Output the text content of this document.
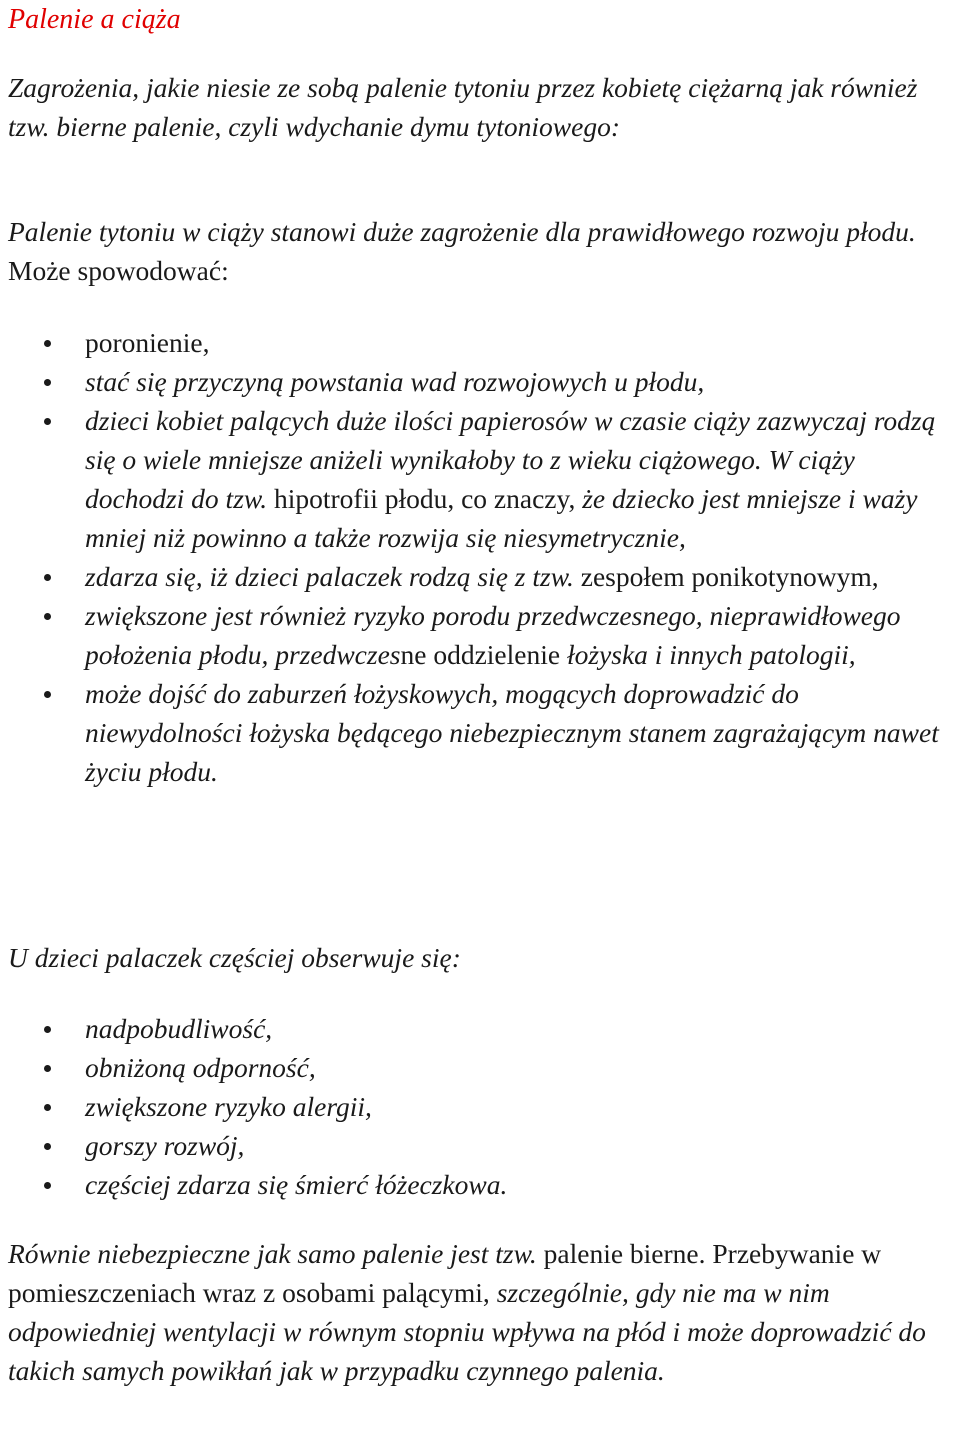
Palenie a ciąża

Zagrożenia, jakie niesie ze sobą palenie tytoniu przez kobietę ciężarną jak również tzw. bierne palenie, czyli wdychanie dymu tytoniowego:

Palenie tytoniu w ciąży stanowi duże zagrożenie dla prawidłowego rozwoju płodu. Może spowodować:

poronienie,
stać się przyczyną powstania wad rozwojowych u płodu,
dzieci kobiet palących duże ilości papierosów w czasie ciąży zazwyczaj rodzą się o wiele mniejsze aniżeli wynikałoby to z wieku ciążowego. W ciąży dochodzi do tzw. hipotrofii płodu, co znaczy, że dziecko jest mniejsze i waży mniej niż powinno a także rozwija się niesymetrycznie,
zdarza się, iż dzieci palaczek rodzą się z tzw. zespołem ponikotynowym,
zwiększone jest również ryzyko porodu przedwczesnego, nieprawidłowego położenia płodu, przedwczesne oddzielenie łożyska i innych patologii,
może dojść do zaburzeń łożyskowych, mogących doprowadzić do niewydolności łożyska będącego niebezpiecznym stanem zagrażającym nawet życiu płodu.

U dzieci palaczek częściej obserwuje się:

nadpobudliwość,
obniżoną odporność,
zwiększone ryzyko alergii,
gorszy rozwój,
częściej zdarza się śmierć łóżeczkowa.

Równie niebezpieczne jak samo palenie jest tzw. palenie bierne. Przebywanie w pomieszczeniach wraz z osobami palącymi, szczególnie, gdy nie ma w nim odpowiedniej wentylacji w równym stopniu wpływa na płód i może doprowadzić do takich samych powikłań jak w przypadku czynnego palenia.
